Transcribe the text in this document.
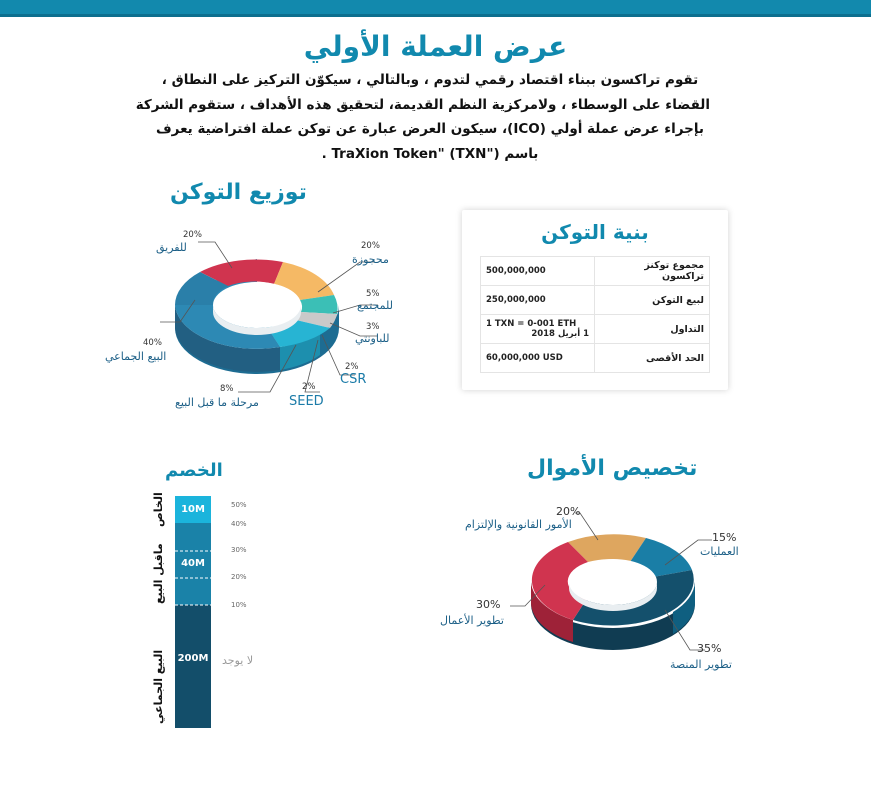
عرض العملة الأولي
تقوم تراكسون ببناء اقتصاد رقمي لتدوم ، وبالتالي ، سيكوّن التركيز على النطاق ،
القضاء على الوسطاء ، ولامركزية النظم القديمة، لتحقيق هذه الأهداف ، ستقوم الشركة
بإجراء عرض عملة أولي (ICO)، سيكون العرض عبارة عن توكن عملة افتراضية يعرف
باسم ("TraXion Token" (TXN .
توزيع التوكن
20%
للفريق	20%
محجوزة
5%
للمجتمع
3%
للباونتي
2%
CSR
2%
SEED
8%
مرحلة ما قبل البيع
40%
البيع الجماعي
بنية التوكن
500,000,000	مجموع توكنز تراكسون
250,000,000	لبيع التوكن

1 TXN = 0-001 ETH
1 أبريل 2018	التداول
60,000,000 USD	الحد الأقصى
الخصم
10M
40M
200M
50%
40%
30%
20%
10%
لا يوجد
الخاص
ماقبل البيع
البيع الجماعي
تخصيص الأموال
20%
الأمور القانونية والإلتزام
15%
العمليات
30%
تطوير الأعمال
35%
تطوير المنصة
